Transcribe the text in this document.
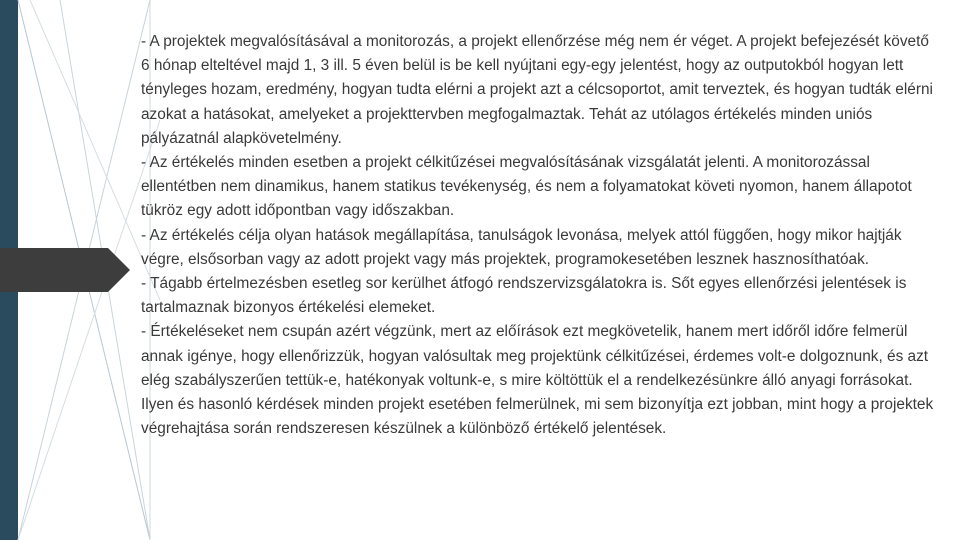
- A projektek megvalósításával a monitorozás, a projekt ellenőrzése még nem ér véget. A projekt befejezését követő 6 hónap elteltével majd 1, 3 ill. 5 éven belül is be kell nyújtani egy-egy jelentést, hogy az outputokból hogyan lett tényleges hozam, eredmény, hogyan tudta elérni a projekt azt a célcsoportot, amit terveztek, és hogyan tudták elérni azokat a hatásokat, amelyeket a projekttervben megfogalmaztak. Tehát az utólagos értékelés minden uniós pályázatnál alapkövetelmény.

- Az értékelés minden esetben a projekt célkitűzései megvalósításának vizsgálatát jelenti. A monitorozással ellentétben nem dinamikus, hanem statikus tevékenység, és nem a folyamatokat követi nyomon, hanem állapotot tükröz egy adott időpontban vagy időszakban.

- Az értékelés célja olyan hatások megállapítása, tanulságok levonása, melyek attól függően, hogy mikor hajtják végre, elsősorban vagy az adott projekt vagy más projektek, programokesetében lesznek hasznosíthatóak.

- Tágabb értelmezésben esetleg sor kerülhet átfogó rendszervizsgálatokra is. Sőt egyes ellenőrzési jelentések is tartalmaznak bizonyos értékelési elemeket.

- Értékeléseket nem csupán azért végzünk, mert az előírások ezt megkövetelik, hanem mert időről időre felmerül annak igénye, hogy ellenőrizzük, hogyan valósultak meg projektünk célkitűzései, érdemes volt-e dolgoznunk, és azt elég szabályszerűen tettük-e, hatékonyak voltunk-e, s mire költöttük el a rendelkezésünkre álló anyagi forrásokat. Ilyen és hasonló kérdések minden projekt esetében felmerülnek, mi sem bizonyítja ezt jobban, mint hogy a projektek végrehajtása során rendszeresen készülnek a különböző értékelő jelentések.
